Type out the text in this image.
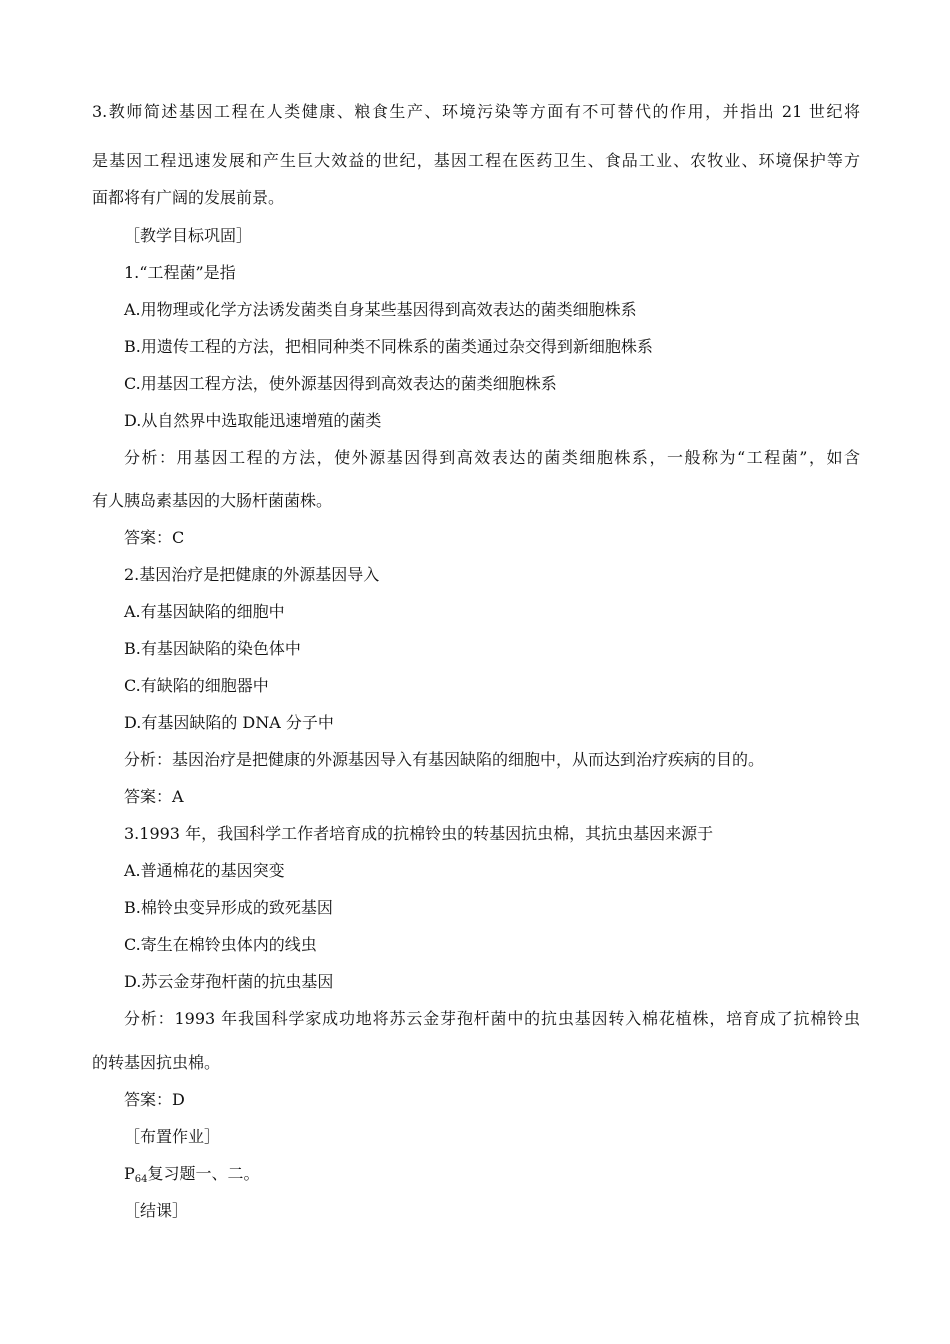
3.教师简述基因工程在人类健康、粮食生产、环境污染等方面有不可替代的作用，并指出 21 世纪将
是基因工程迅速发展和产生巨大效益的世纪，基因工程在医药卫生、食品工业、农牧业、环境保护等方
面都将有广阔的发展前景。
［教学目标巩固］
1.“工程菌”是指
A.用物理或化学方法诱发菌类自身某些基因得到高效表达的菌类细胞株系
B.用遗传工程的方法，把相同种类不同株系的菌类通过杂交得到新细胞株系
C.用基因工程方法，使外源基因得到高效表达的菌类细胞株系
D.从自然界中选取能迅速增殖的菌类
分析：用基因工程的方法，使外源基因得到高效表达的菌类细胞株系，一般称为“工程菌”，如含
有人胰岛素基因的大肠杆菌菌株。
答案：C
2.基因治疗是把健康的外源基因导入
A.有基因缺陷的细胞中
B.有基因缺陷的染色体中
C.有缺陷的细胞器中
D.有基因缺陷的 DNA 分子中
分析：基因治疗是把健康的外源基因导入有基因缺陷的细胞中，从而达到治疗疾病的目的。
答案：A
3.1993 年，我国科学工作者培育成的抗棉铃虫的转基因抗虫棉，其抗虫基因来源于
A.普通棉花的基因突变
B.棉铃虫变异形成的致死基因
C.寄生在棉铃虫体内的线虫
D.苏云金芽孢杆菌的抗虫基因
分析：1993 年我国科学家成功地将苏云金芽孢杆菌中的抗虫基因转入棉花植株，培育成了抗棉铃虫
的转基因抗虫棉。
答案：D
［布置作业］
$P_{64}$复习题一、二。
［结课］
